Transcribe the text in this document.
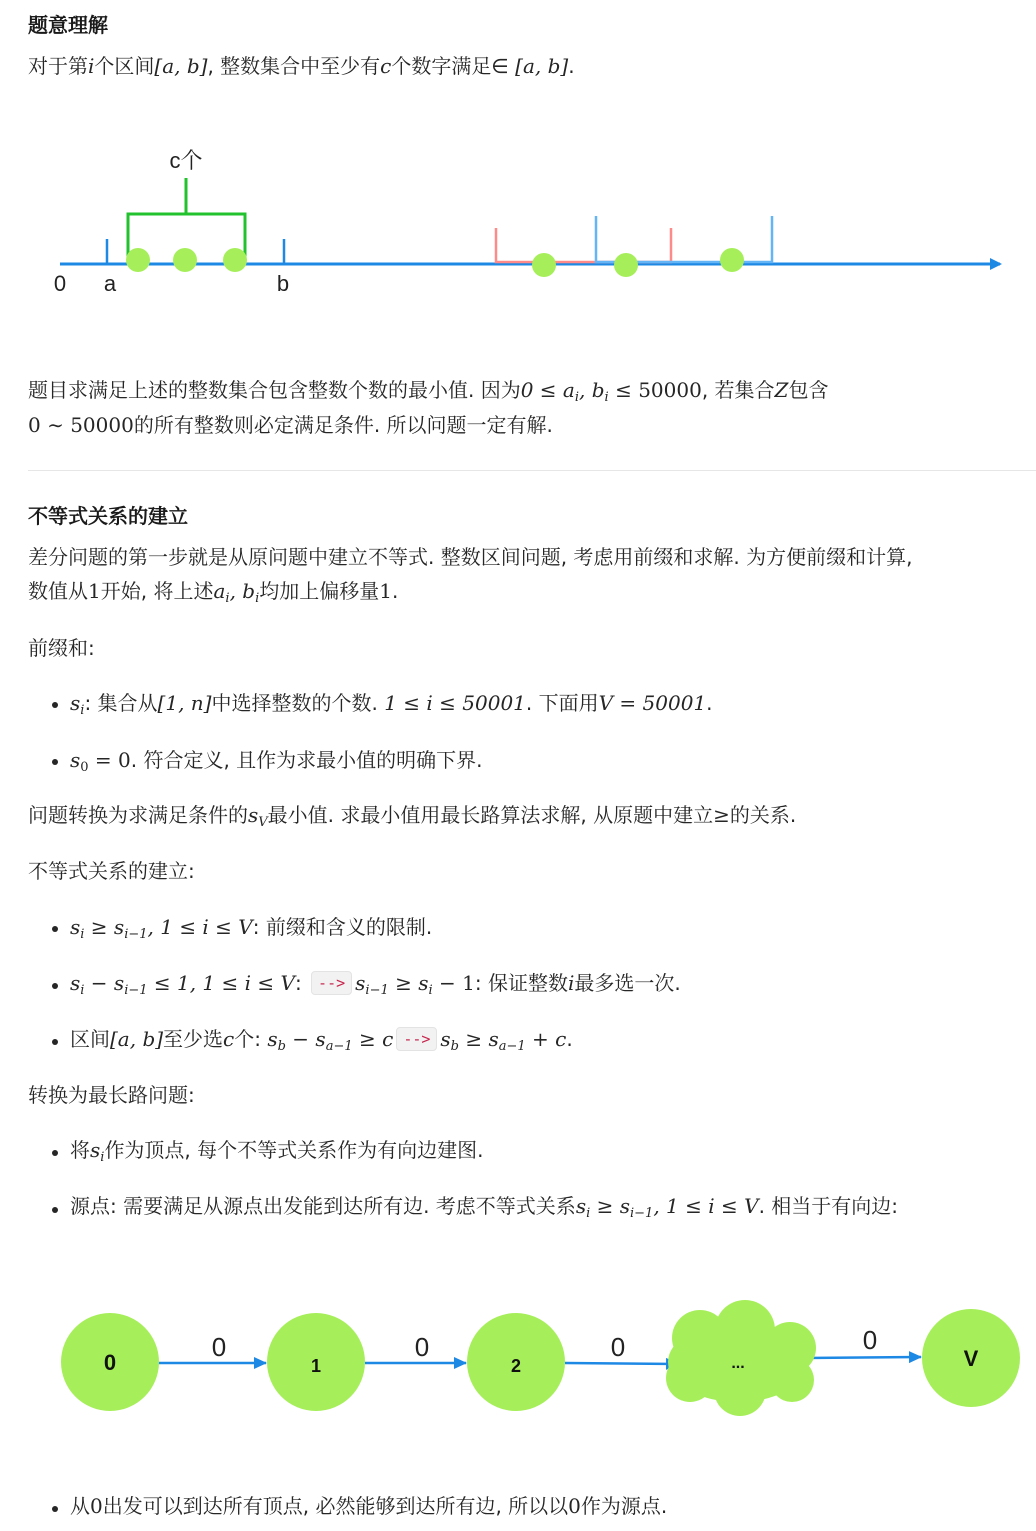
题意理解
对于第i个区间[a, b], 整数集合中至少有c个数字满足∈ [a, b].
c个
0 a	b
题目求满足上述的整数集合包含整数个数的最小值. 因为$0 \le a_i$, $b_i \le 50000$, 若集合Z包含
0 ∼ 50000的所有整数则必定满足条件. 所以问题一定有解.
不等式关系的建立
差分问题的第一步就是从原问题中建立不等式. 整数区间问题, 考虑用前缀和求解. 为方便前缀和计算,
数值从1开始, 将上述$a_i$, $b_i$均加上偏移量1.
前缀和:
$s_i$: 集合从[1, n]中选择整数的个数. 1 ≤ i ≤ 50001. 下面用V = 50001.
$s_0 = 0$. 符合定义, 且作为求最小值的明确下界.
问题转换为求满足条件的$s_V$最小值. 求最小值用最长路算法求解, 从原题中建立≥的关系.
不等式关系的建立:
$s_i \ge s_{i-1}$, 1 ≤ i ≤ V: 前缀和含义的限制.
$s_i - s_{i-1} \le 1$, 1 ≤ i ≤ V: --> $s_{i-1} \ge s_i - 1$: 保证整数i最多选一次.
区间[a, b]至少选c个: $s_b - s_{a-1} \ge c$ --> $s_b \ge s_{a-1} + c$.
转换为最长路问题:
将$s_i$作为顶点, 每个不等式关系作为有向边建图.
源点: 需要满足从源点出发能到达所有边. 考虑不等式关系$s_i \ge s_{i-1}$, 1 ≤ i ≤ V. 相当于有向边:
0	1	2	...	V
0	0	0	0
从0出发可以到达所有顶点, 必然能够到达所有边, 所以以0作为源点.
